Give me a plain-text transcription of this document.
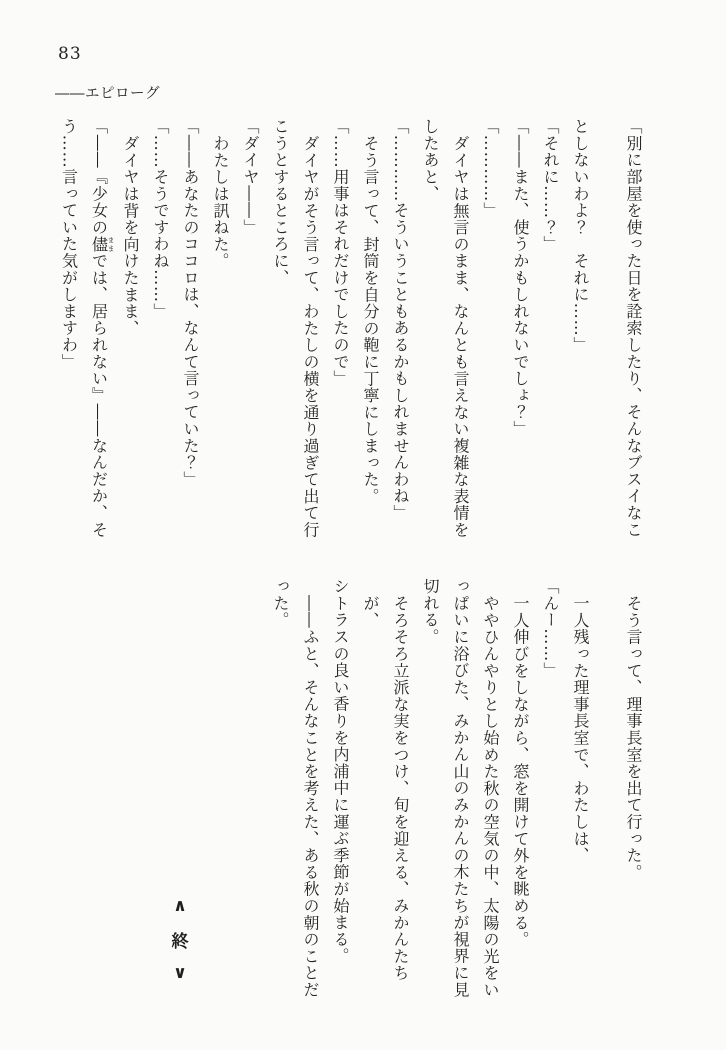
83
――エピローグ

「別に部屋を使った日を詮索したり、そんなブスイなこ

としないわよ？　それに……」

「それに……？」

「――また、使うかもしれないでしょ？」

「…………」

ダイヤは無言のまま、なんとも言えない複雑な表情を

したあと、

「…………そういうこともあるかもしれませんわね」

そう言って、封筒を自分の鞄に丁寧にしまった。

「……用事はそれだけでしたので」

ダイヤがそう言って、わたしの横を通り過ぎて出て行

こうとするところに、

「ダイヤ――」

わたしは訊ねた。

「――あなたのココロは、なんて言っていた？」

「……そうですわね……」

ダイヤは背を向けたまま、

「――『少女の儘ままでは、居られない』――なんだか、そ

う……言っていた気がしますわ」

そう言って、理事長室を出て行った。

一人残った理事長室で、わたしは、

「んー……」

一人伸びをしながら、窓を開けて外を眺める。

ややひんやりとし始めた秋の空気の中、太陽の光をい

っぱいに浴びた、みかん山のみかんの木たちが視界に見

切れる。

そろそろ立派な実をつけ、旬を迎える、みかんたちが、

シトラスの良い香りを内浦中に運ぶ季節が始まる。

――ふと、そんなことを考えた、ある秋の朝のことだ

った。

∧
終
∨
